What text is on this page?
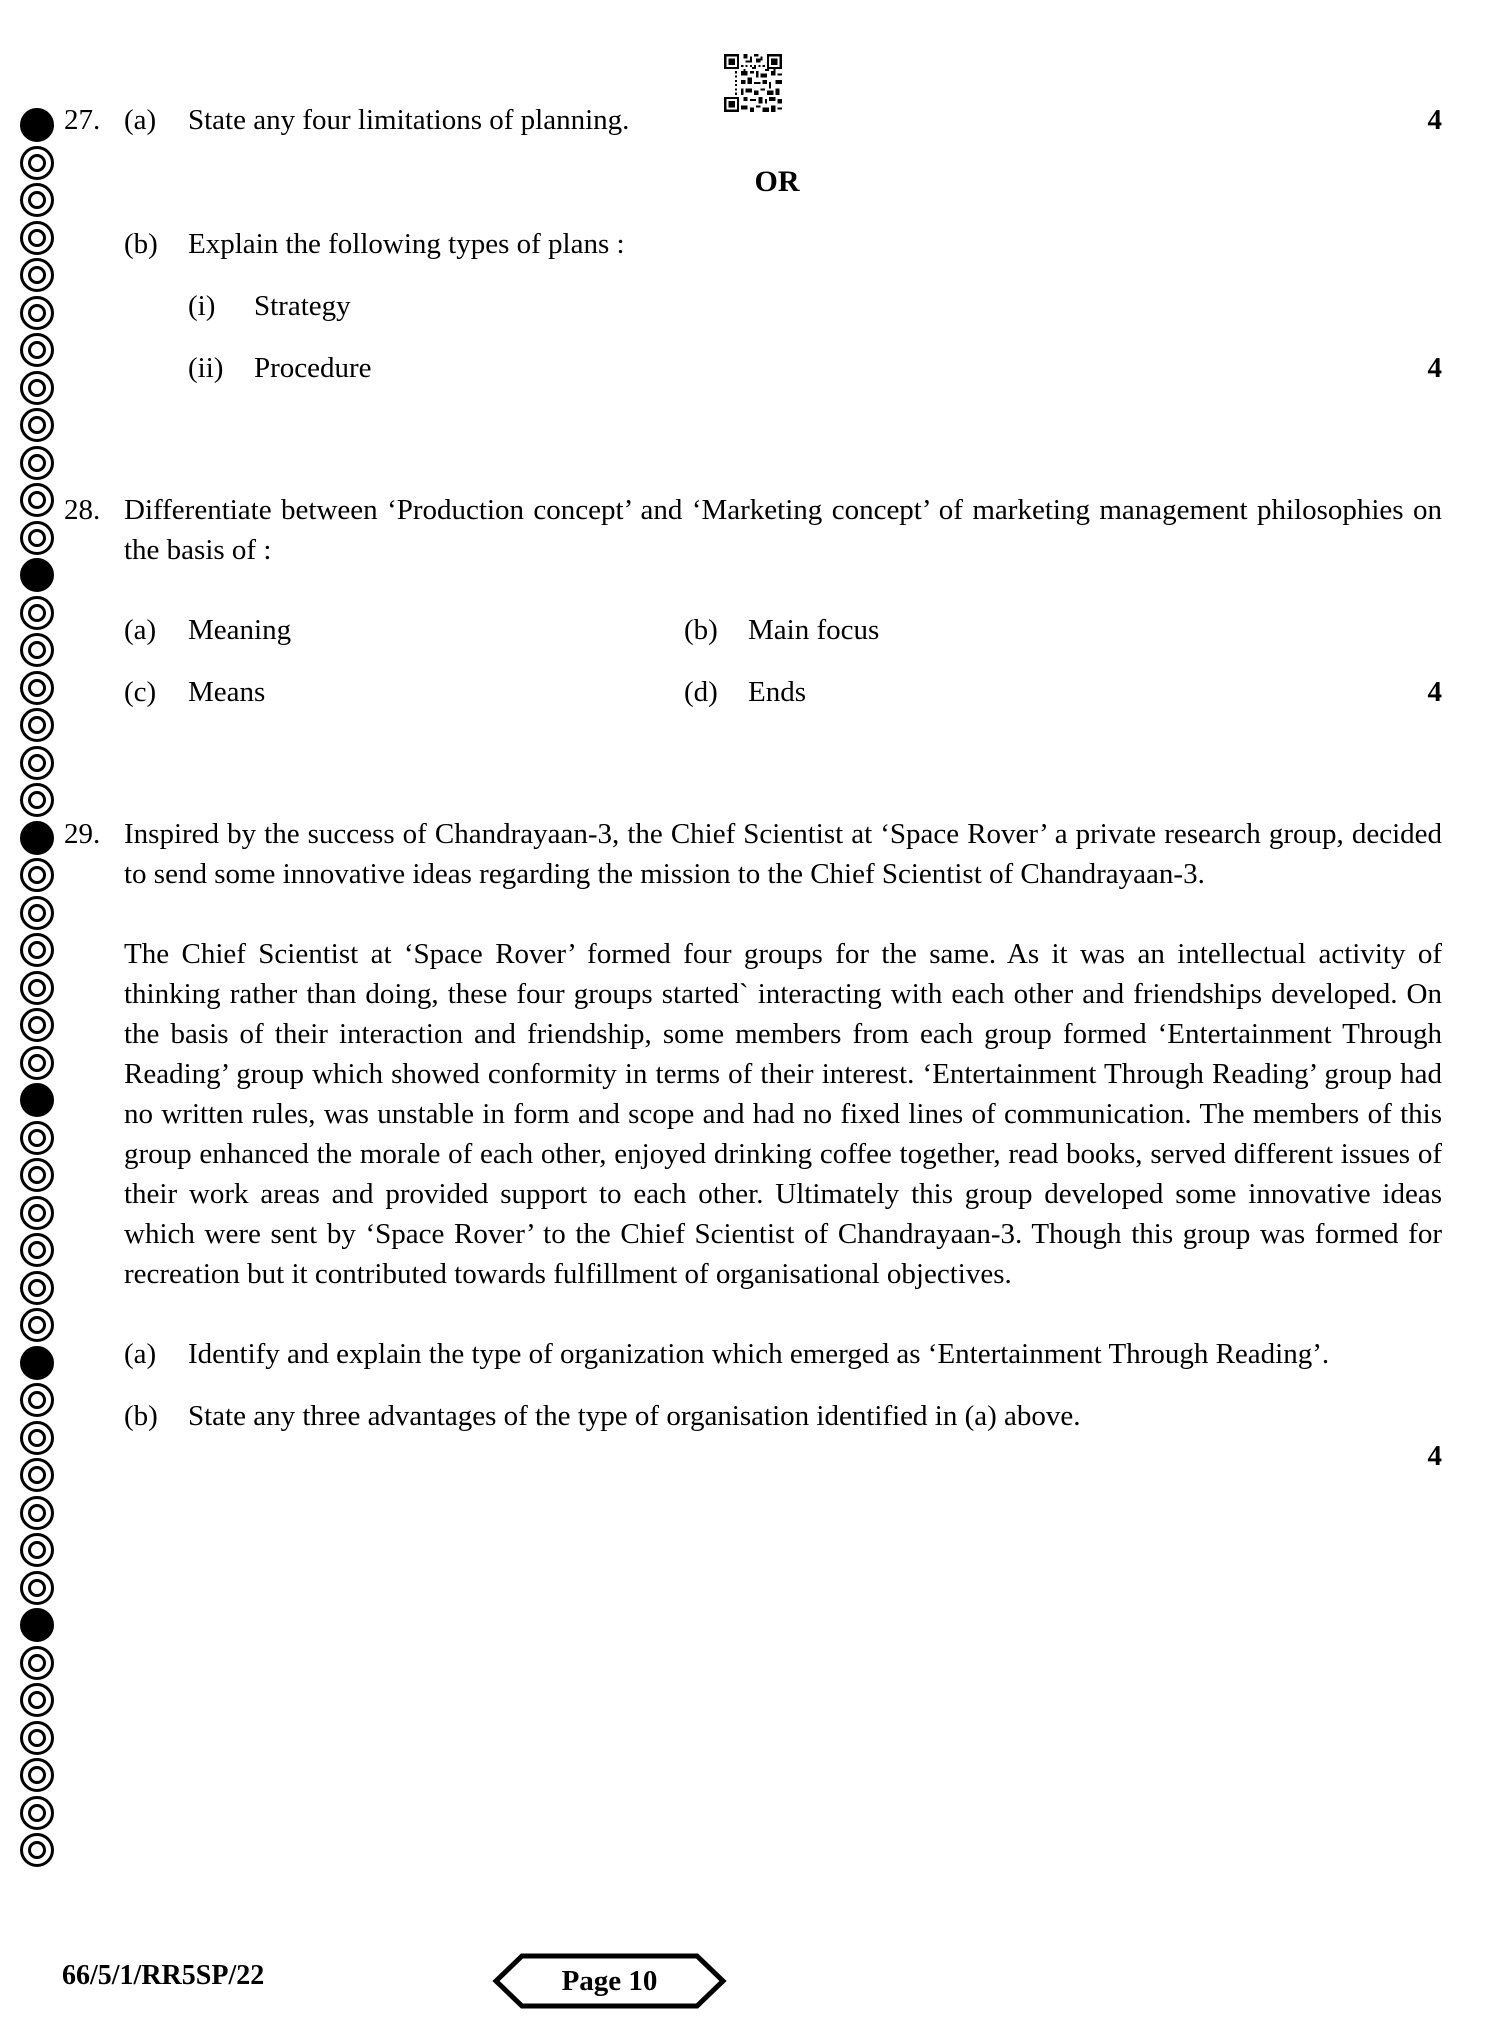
27. (a)	State any four limitations of planning.	4
OR
(b)	Explain the following types of plans :
(i)	Strategy
(ii)	Procedure	4
28. Differentiate between ‘Production concept’ and ‘Marketing concept’ of marketing management philosophies on the basis of :
(a)	Meaning	(b)	Main focus
(c)	Means	(d)	Ends	4
29. Inspired by the success of Chandrayaan-3, the Chief Scientist at ‘Space Rover’ a private research group, decided to send some innovative ideas regarding the mission to the Chief Scientist of Chandrayaan-3.
The Chief Scientist at ‘Space Rover’ formed four groups for the same. As it was an intellectual activity of thinking rather than doing, these four groups started` interacting with each other and friendships developed. On the basis of their interaction and friendship, some members from each group formed ‘Entertainment Through Reading’ group which showed conformity in terms of their interest. ‘Entertainment Through Reading’ group had no written rules, was unstable in form and scope and had no fixed lines of communication. The members of this group enhanced the morale of each other, enjoyed drinking coffee together, read books, served different issues of their work areas and provided support to each other. Ultimately this group developed some innovative ideas which were sent by ‘Space Rover’ to the Chief Scientist of Chandrayaan-3. Though this group was formed for recreation but it contributed towards fulfillment of organisational objectives.
(a)	Identify and explain the type of organization which emerged as ‘Entertainment Through Reading’.
(b)	State any three advantages of the type of organisation identified in (a) above.
4
66/5/1/RR5SP/22	Page 10
